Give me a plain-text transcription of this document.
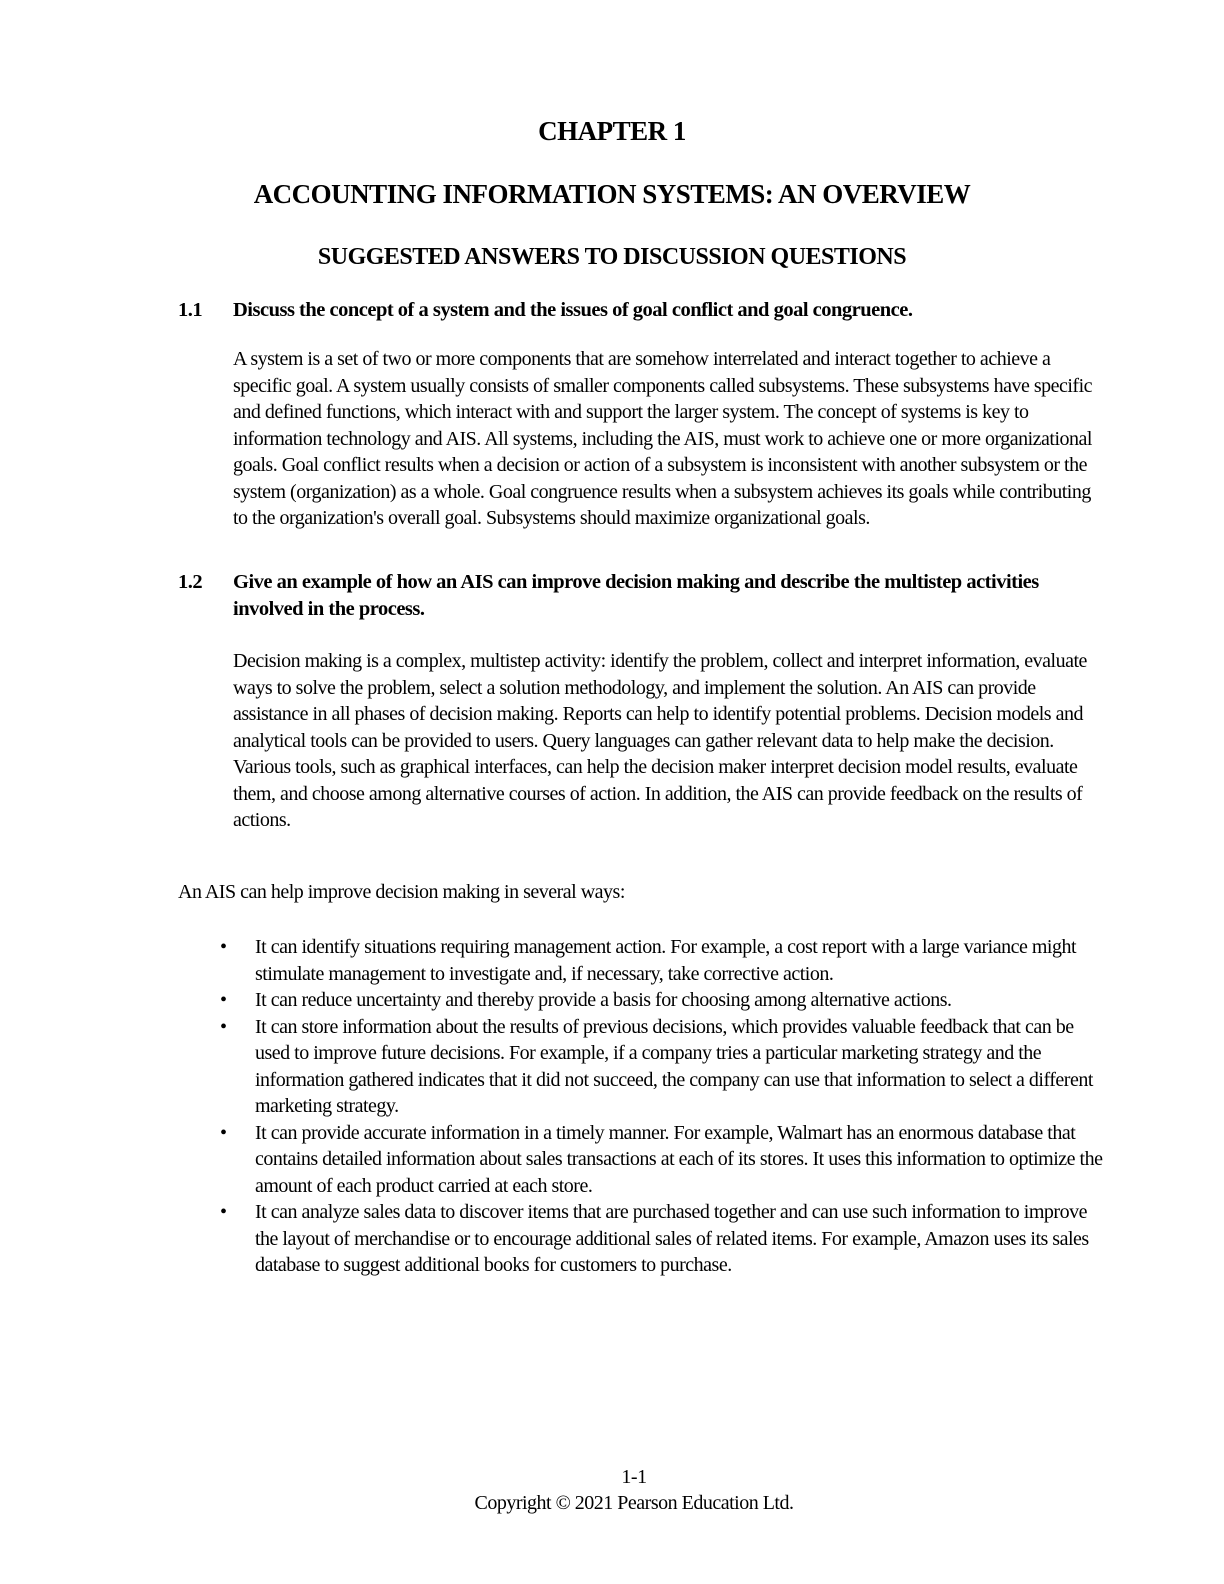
CHAPTER 1
ACCOUNTING INFORMATION SYSTEMS: AN OVERVIEW
SUGGESTED ANSWERS TO DISCUSSION QUESTIONS
1.1 Discuss the concept of a system and the issues of goal conflict and goal congruence.

A system is a set of two or more components that are somehow interrelated and interact together to achieve a specific goal. A system usually consists of smaller components called subsystems. These subsystems have specific and defined functions, which interact with and support the larger system. The concept of systems is key to information technology and AIS. All systems, including the AIS, must work to achieve one or more organizational goals. Goal conflict results when a decision or action of a subsystem is inconsistent with another subsystem or the system (organization) as a whole. Goal congruence results when a subsystem achieves its goals while contributing to the organization's overall goal. Subsystems should maximize organizational goals.

1.2 Give an example of how an AIS can improve decision making and describe the multistep activities involved in the process.

Decision making is a complex, multistep activity: identify the problem, collect and interpret information, evaluate ways to solve the problem, select a solution methodology, and implement the solution. An AIS can provide assistance in all phases of decision making. Reports can help to identify potential problems. Decision models and analytical tools can be provided to users. Query languages can gather relevant data to help make the decision. Various tools, such as graphical interfaces, can help the decision maker interpret decision model results, evaluate them, and choose among alternative courses of action. In addition, the AIS can provide feedback on the results of actions.

An AIS can help improve decision making in several ways:
• It can identify situations requiring management action. For example, a cost report with a large variance might stimulate management to investigate and, if necessary, take corrective action.
• It can reduce uncertainty and thereby provide a basis for choosing among alternative actions.
• It can store information about the results of previous decisions, which provides valuable feedback that can be used to improve future decisions. For example, if a company tries a particular marketing strategy and the information gathered indicates that it did not succeed, the company can use that information to select a different marketing strategy.
• It can provide accurate information in a timely manner. For example, Walmart has an enormous database that contains detailed information about sales transactions at each of its stores. It uses this information to optimize the amount of each product carried at each store.
• It can analyze sales data to discover items that are purchased together and can use such information to improve the layout of merchandise or to encourage additional sales of related items. For example, Amazon uses its sales database to suggest additional books for customers to purchase.
1-1
Copyright © 2021 Pearson Education Ltd.
